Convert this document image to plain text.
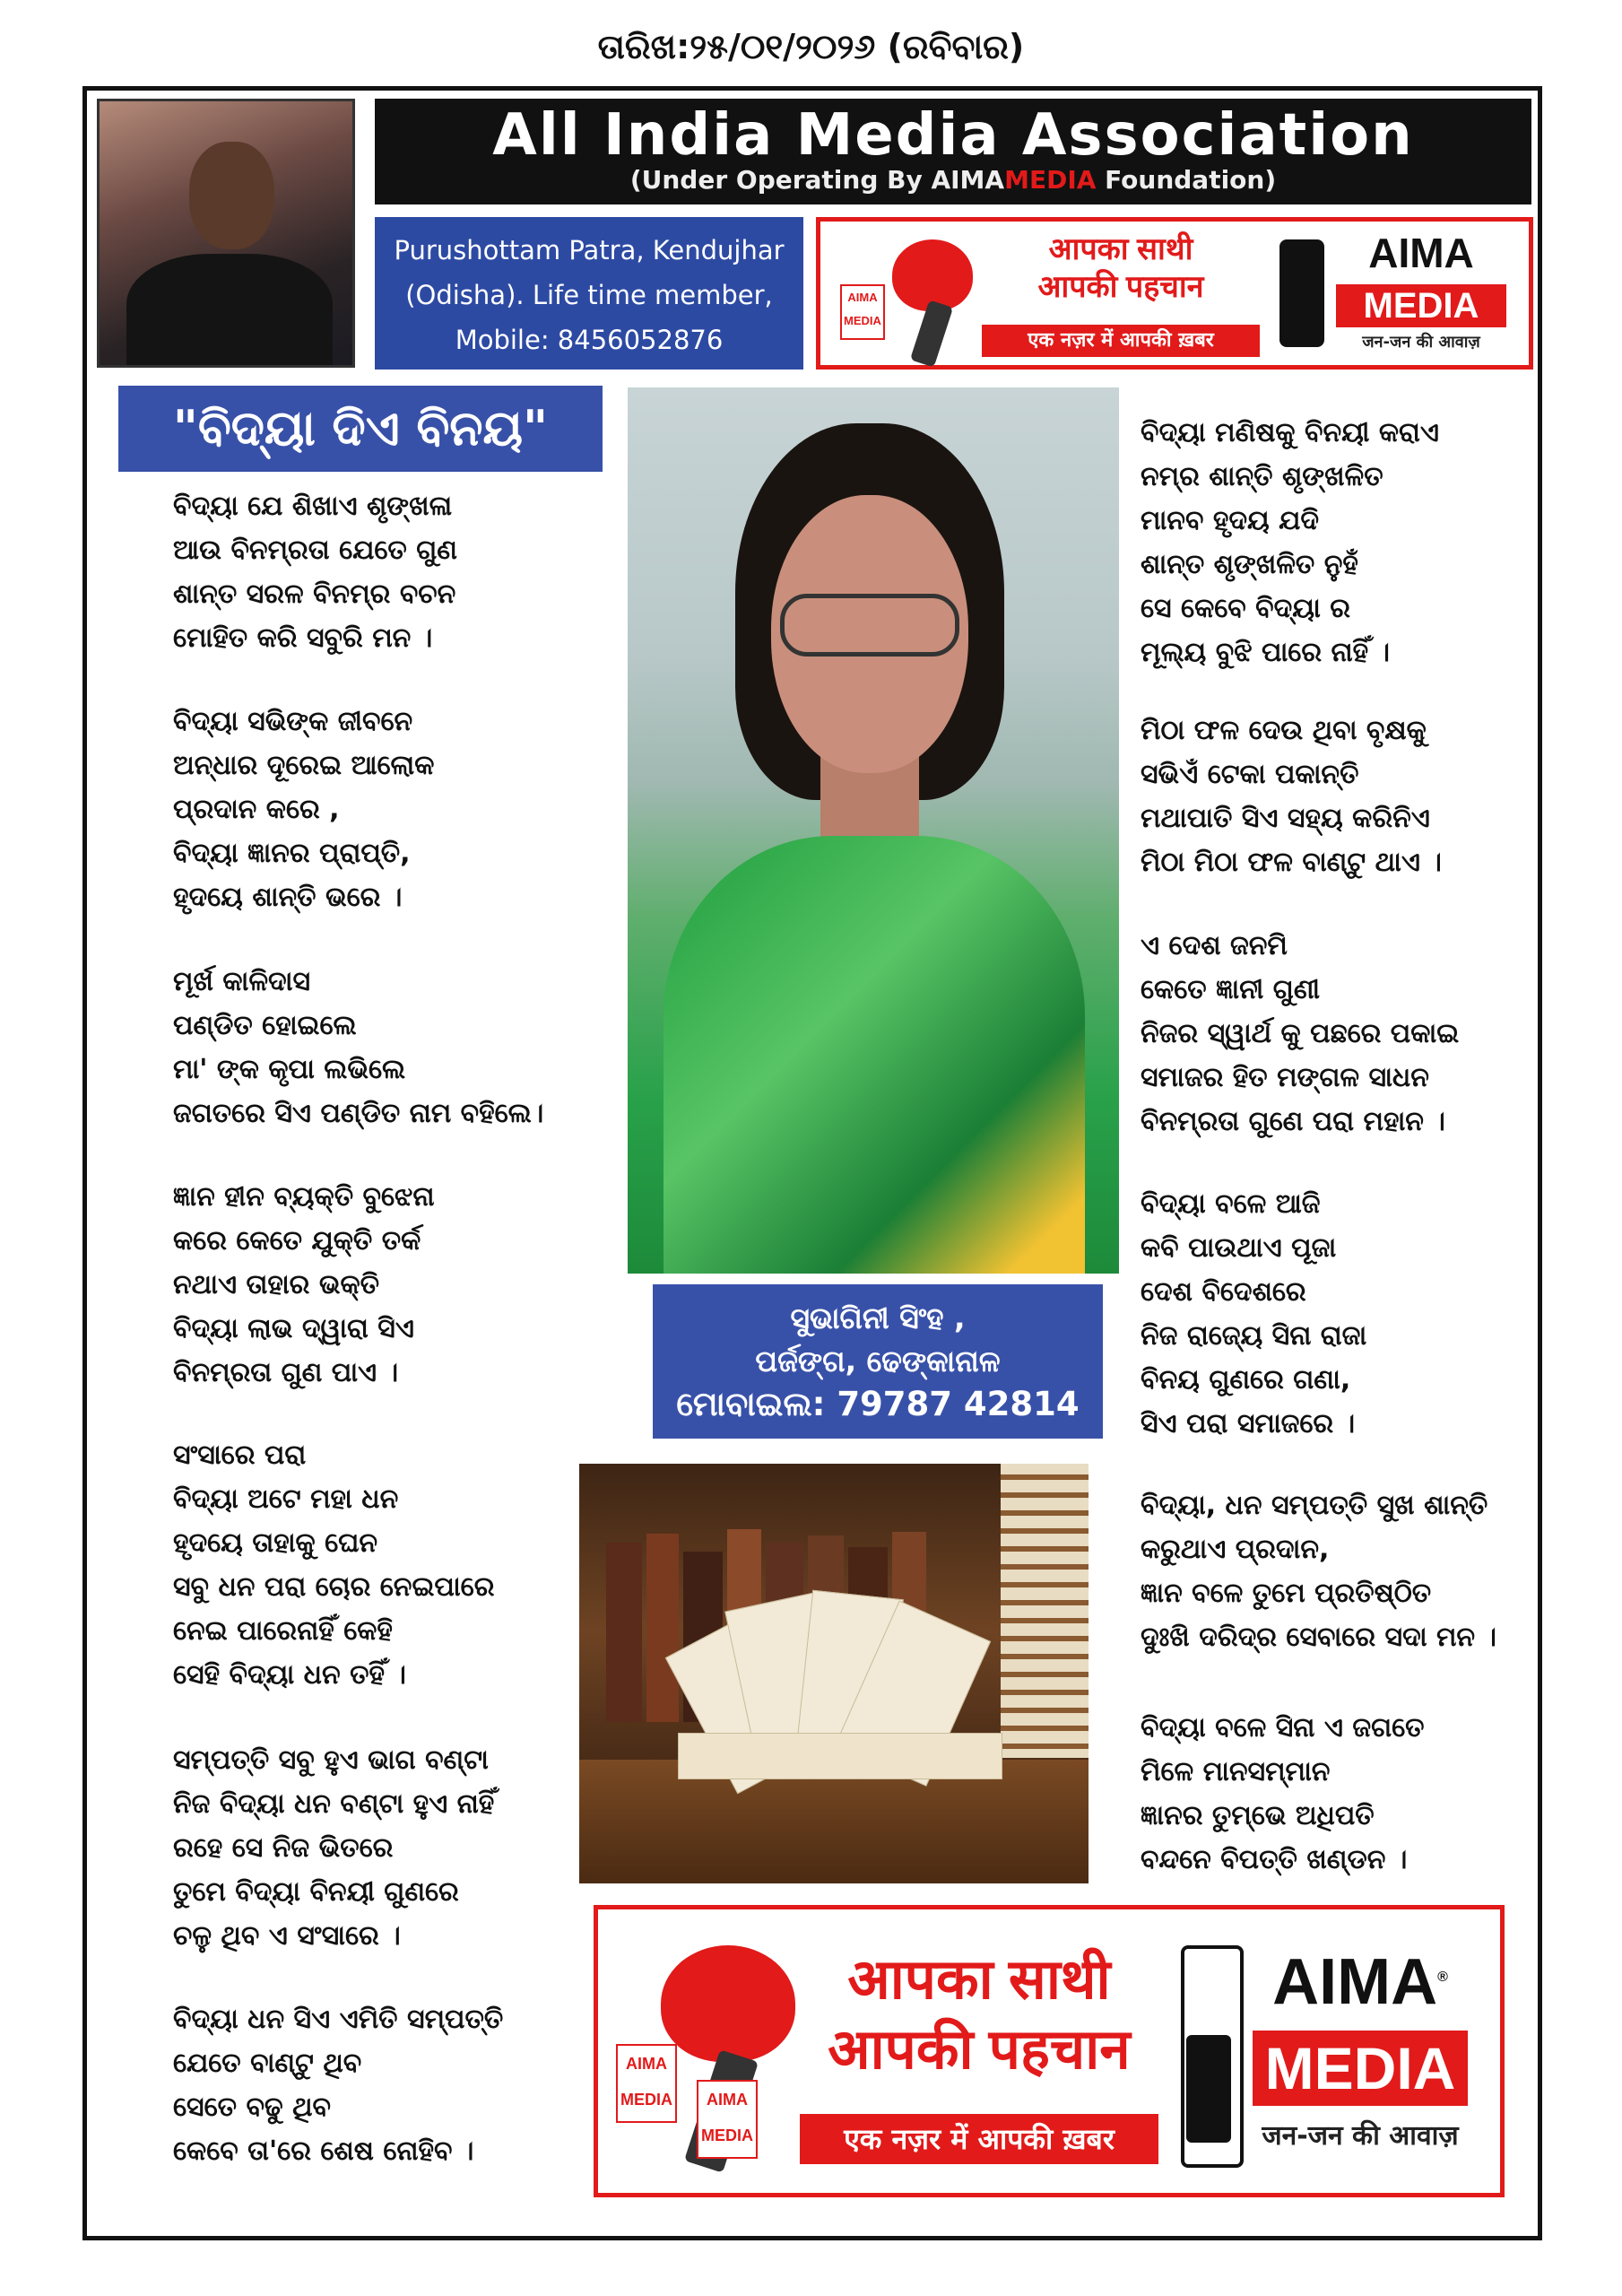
ତାରିଖ:୨୫/୦୧/୨୦୨୬ (ରବିବାର)
All India Media Association
(Under Operating By AIMAMEDIA Foundation)
Purushottam Patra, Kendujhar
(Odisha). Life time member,
Mobile: 8456052876
AIMA
MEDIA
आपका साथी
आपकी पहचान
एक नज़र में आपकी ख़बर
AIMA
MEDIA
जन-जन की आवाज़
"ବିଦ୍ୟା ଦିଏ ବିନୟ"
ବିଦ୍ୟା ଯେ ଶିଖାଏ ଶୃଙ୍ଖଳା
ଆଉ ବିନମ୍ରତା ଯେତେ ଗୁଣ
ଶାନ୍ତ ସରଳ ବିନମ୍ର ବଚନ
ମୋହିତ କରି ସବୁରି ମନ ।
ବିଦ୍ୟା ସଭିଙ୍କ ଜୀବନେ
ଅନ୍ଧାର ଦୂରେଇ ଆଲୋକ
ପ୍ରଦାନ କରେ ,
ବିଦ୍ୟା ଜ୍ଞାନର ପ୍ରାପ୍ତି,
ହୃଦୟେ ଶାନ୍ତି ଭରେ ।
ମୂର୍ଖ କାଳିଦାସ
ପଣ୍ଡିତ ହୋଇଲେ
ମା' ଙ୍କ କୃପା ଲଭିଲେ
ଜଗତରେ ସିଏ ପଣ୍ଡିତ ନାମ ବହିଲେ।
ଜ୍ଞାନ ହୀନ ବ୍ୟକ୍ତି ବୁଝେନା
କରେ କେତେ ଯୁକ୍ତି ତର୍କ
ନଥାଏ ତାହାର ଭକ୍ତି
ବିଦ୍ୟା ଲାଭ ଦ୍ୱାରା ସିଏ
ବିନମ୍ରତା ଗୁଣ ପାଏ ।
ସଂସାରେ ପରା
ବିଦ୍ୟା ଅଟେ ମହା ଧନ
ହୃଦୟେ ତାହାକୁ ଘେନ
ସବୁ ଧନ ପରା ଚୋର ନେଇପାରେ
ନେଇ ପାରେନାହିଁ କେହି
ସେହି ବିଦ୍ୟା ଧନ ତହିଁ ।
ସମ୍ପତ୍ତି ସବୁ ହୁଏ ଭାଗ ବଣ୍ଟା
ନିଜ ବିଦ୍ୟା ଧନ ବଣ୍ଟା ହୁଏ ନାହିଁ
ରହେ ସେ ନିଜ ଭିତରେ
ତୁମେ ବିଦ୍ୟା ବିନୟୀ ଗୁଣରେ
ଚଳୁ ଥିବ ଏ ସଂସାରେ ।
ବିଦ୍ୟା ଧନ ସିଏ ଏମିତି ସମ୍ପତ୍ତି
ଯେତେ ବାଣ୍ଟୁ ଥିବ
ସେତେ ବଢୁ ଥିବ
କେବେ ତା'ରେ ଶେଷ ନୋହିବ ।
ବିଦ୍ୟା ମଣିଷକୁ ବିନୟୀ କରାଏ
ନମ୍ର ଶାନ୍ତି ଶୃଙ୍ଖଳିତ
ମାନବ ହୃଦୟ ଯଦି
ଶାନ୍ତ ଶୃଙ୍ଖଳିତ ନୁହଁ
ସେ କେବେ ବିଦ୍ୟା ର
ମୂଲ୍ୟ ବୁଝି ପାରେ ନାହିଁ ।
ମିଠା ଫଳ ଦେଉ ଥିବା ବୃକ୍ଷକୁ
ସଭିଏଁ ଟେକା ପକାନ୍ତି
ମଥାପାତି ସିଏ ସହ୍ୟ କରିନିଏ
ମିଠା ମିଠା ଫଳ ବାଣ୍ଟୁ ଥାଏ ।
ଏ ଦେଶ ଜନମି
କେତେ ଜ୍ଞାନୀ ଗୁଣୀ
ନିଜର ସ୍ୱାର୍ଥ କୁ ପଛରେ ପକାଇ
ସମାଜର ହିତ ମଙ୍ଗଳ ସାଧନ
ବିନମ୍ରତା ଗୁଣେ ପରା ମହାନ ।
ବିଦ୍ୟା ବଳେ ଆଜି
କବି ପାଉଥାଏ ପୂଜା
ଦେଶ ବିଦେଶରେ
ନିଜ ରାଜ୍ୟେ ସିନା ରାଜା
ବିନୟ ଗୁଣରେ ଗଣା,
ସିଏ ପରା ସମାଜରେ ।
ବିଦ୍ୟା, ଧନ ସମ୍ପତ୍ତି ସୁଖ ଶାନ୍ତି
କରୁଥାଏ ପ୍ରଦାନ,
ଜ୍ଞାନ ବଳେ ତୁମେ ପ୍ରତିଷ୍ଠିତ
ଦୁଃଖି ଦରିଦ୍ର ସେବାରେ ସଦା ମନ ।
ବିଦ୍ୟା ବଳେ ସିନା ଏ ଜଗତେ
ମିଳେ ମାନସମ୍ମାନ
ଜ୍ଞାନର ତୁମ୍ଭେ ଅଧିପତି
ବନ୍ଦନେ ବିପତ୍ତି ଖଣ୍ଡନ ।
ସୁଭାଗିନୀ ସିଂହ ,
ପର୍ଜଙ୍ଗ, ଢେଙ୍କାନାଳ
ମୋବାଇଲ: 79787 42814
AIMA
MEDIA	AIMA
MEDIA
आपका साथी
आपकी पहचान
एक नज़र में आपकी ख़बर
AIMA®
MEDIA
जन-जन की आवाज़
